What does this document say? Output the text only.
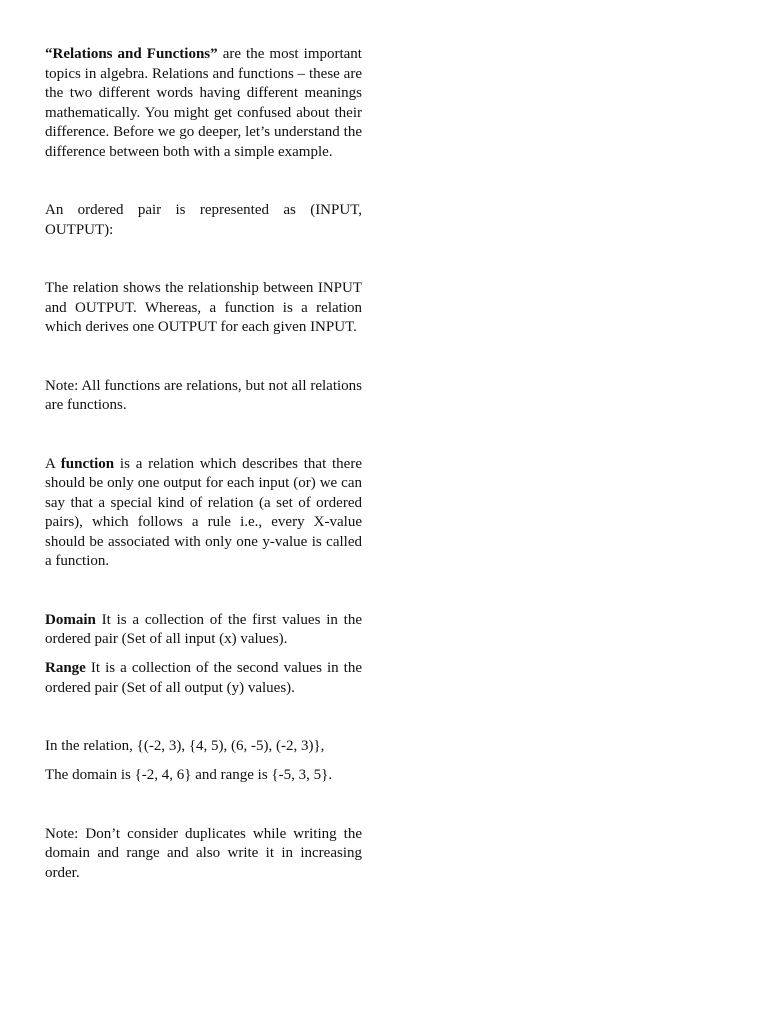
“Relations and Functions” are the most important topics in algebra. Relations and functions – these are the two different words having different meanings mathematically. You might get confused about their difference. Before we go deeper, let’s understand the difference between both with a simple example.

An ordered pair is represented as (INPUT, OUTPUT):

The relation shows the relationship between INPUT and OUTPUT. Whereas, a function is a relation which derives one OUTPUT for each given INPUT.

Note: All functions are relations, but not all relations are functions.

A function is a relation which describes that there should be only one output for each input (or) we can say that a special kind of relation (a set of ordered pairs), which follows a rule i.e., every X-value should be associated with only one y-value is called a function.

Domain It is a collection of the first values in the ordered pair (Set of all input (x) values).

Range It is a collection of the second values in the ordered pair (Set of all output (y) values).

In the relation, {(-2, 3), {4, 5), (6, -5), (-2, 3)},

The domain is {-2, 4, 6} and range is {-5, 3, 5}.

Note: Don’t consider duplicates while writing the domain and range and also write it in increasing order.
